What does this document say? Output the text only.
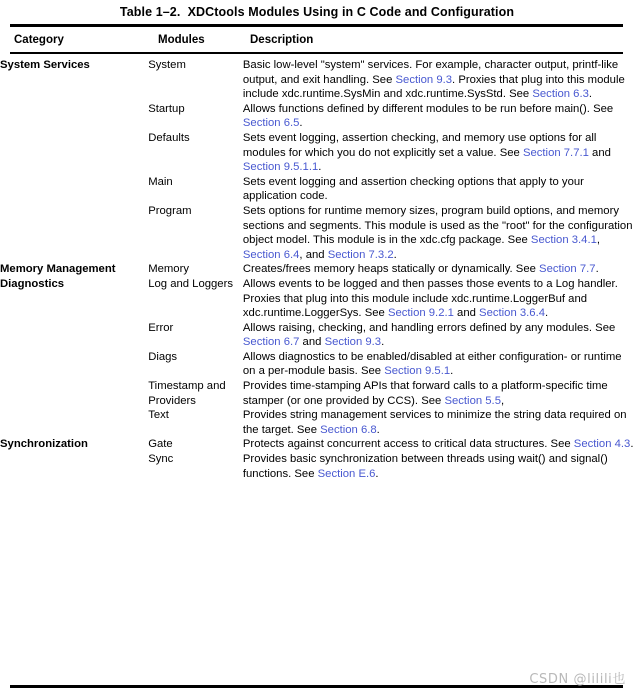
Table 1–2.  XDCtools Modules Using in C Code and Configuration
Category	Modules	Description
System Services	System	Basic low-level "system" services. For example, character output, printf-like output, and exit handling. See Section 9.3. Proxies that plug into this module include xdc.runtime.SysMin and xdc.runtime.SysStd. See Section 6.3.
	Startup	Allows functions defined by different modules to be run before main(). See Section 6.5.
	Defaults	Sets event logging, assertion checking, and memory use options for all modules for which you do not explicitly set a value. See Section 7.7.1 and Section 9.5.1.1.
	Main	Sets event logging and assertion checking options that apply to your application code.
	Program	Sets options for runtime memory sizes, program build options, and memory sections and segments. This module is used as the "root" for the configuration object model. This module is in the xdc.cfg package. See Section 3.4.1, Section 6.4, and Section 7.3.2.
Memory Management	Memory	Creates/frees memory heaps statically or dynamically. See Section 7.7.
Diagnostics	Log and Loggers	Allows events to be logged and then passes those events to a Log handler. Proxies that plug into this module include xdc.runtime.LoggerBuf and xdc.runtime.LoggerSys. See Section 9.2.1 and Section 3.6.4.
	Error	Allows raising, checking, and handling errors defined by any modules. See Section 6.7 and Section 9.3.
	Diags	Allows diagnostics to be enabled/disabled at either configuration- or runtime on a per-module basis. See Section 9.5.1.
	Timestamp and Providers	Provides time-stamping APIs that forward calls to a platform-specific time stamper (or one provided by CCS). See Section 5.5,
	Text	Provides string management services to minimize the string data required on the target. See Section 6.8.
Synchronization	Gate	Protects against concurrent access to critical data structures. See Section 4.3.
	Sync	Provides basic synchronization between threads using wait() and signal() functions. See Section E.6.
CSDN @lilili也
